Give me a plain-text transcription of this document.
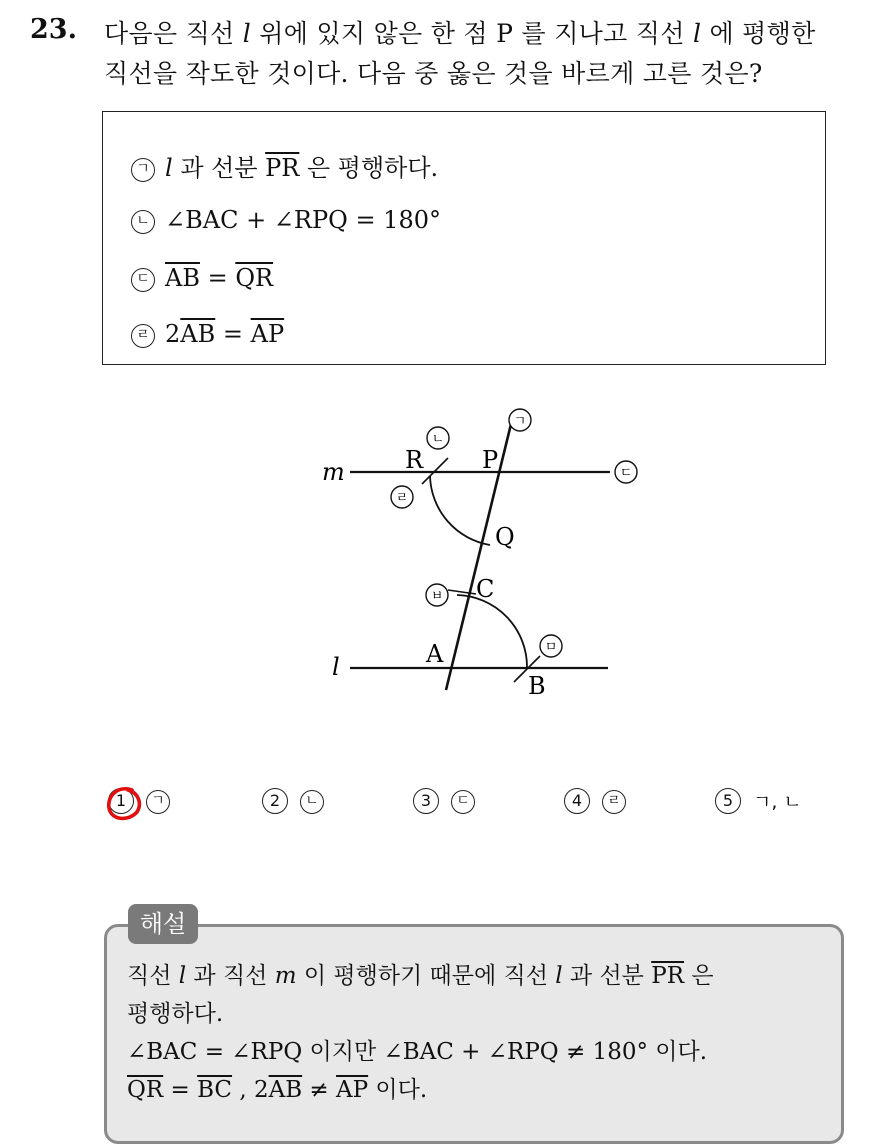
23. 다음은 직선 l 위에 있지 않은 한 점 P 를 지나고 직선 l 에 평행한
직선을 작도한 것이다. 다음 중 옳은 것을 바르게 고른 것은?
ㄱ l 과 선분 $\overline{PR}$ 은 평행하다.
ㄴ ∠BAC + ∠RPQ = 180°
ㄷ $\overline{AB} = \overline{QR}$
ㄹ $2\overline{AB} = \overline{AP}$
m
l
R P
Q
C
A
B
ㄱ
ㄴ
ㄷ
ㄹ
ㅂ
ㅁ
1 ㄱ	2 ㄴ	3 ㄷ	4 ㄹ	5 ㄱ, ㄴ
해설
직선 l 과 직선 m 이 평행하기 때문에 직선 l 과 선분 $\overline{PR}$ 은
평행하다.
∠BAC = ∠RPQ 이지만 ∠BAC + ∠RPQ ≠ 180° 이다.
$\overline{QR} = \overline{BC}$ , $2\overline{AB} \ne \overline{AP}$ 이다.
